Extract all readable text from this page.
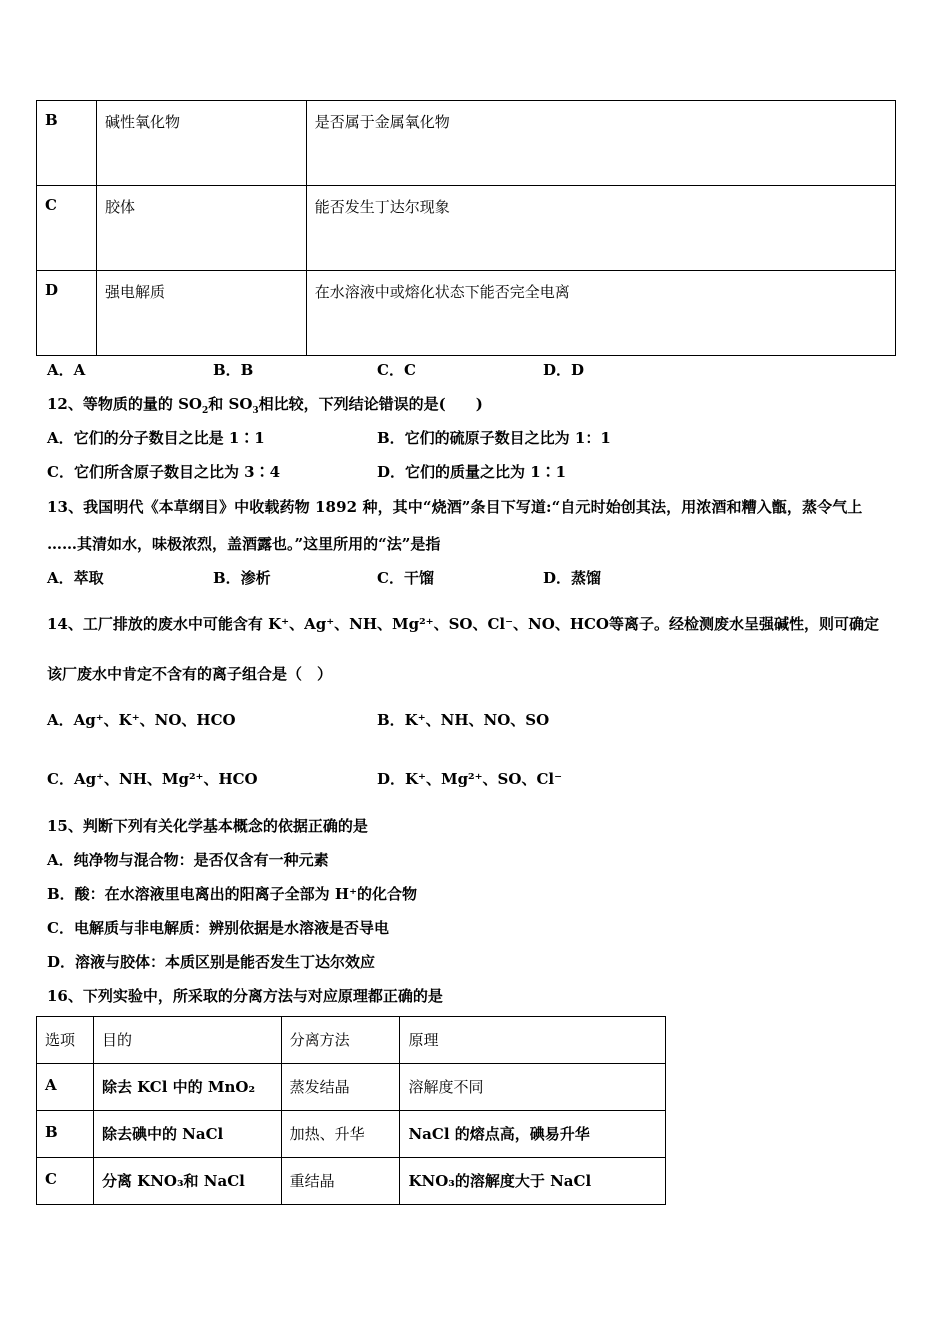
B	碱性氧化物	是否属于金属氧化物
C	胶体	能否发生丁达尔现象
D	强电解质	在水溶液中或熔化状态下能否完全电离
A．A	B．B	C．C	D．D
12、等物质的量的 $SO_2$和 $SO_3$相比较，下列结论错误的是(　　)
A．它们的分子数目之比是 1∶1	B．它们的硫原子数目之比为 1：1
C．它们所含原子数目之比为 3∶4	D．它们的质量之比为 1∶1
13、我国明代《本草纲目》中收载药物 1892 种，其中“烧酒”条目下写道:“自元时始创其法，用浓酒和糟入甑，蒸令气上
……其清如水，味极浓烈，盖酒露也。”这里所用的“法”是指
A．萃取	B．渗析	C．干馏	D．蒸馏
14、工厂排放的废水中可能含有 K⁺、Ag⁺、NH、Mg²⁺、SO、Cl⁻、NO、HCO等离子。经检测废水呈强碱性，则可确定
该厂废水中肯定不含有的离子组合是（　）
A．Ag⁺、K⁺、NO、HCO	B．K⁺、NH、NO、SO
C．Ag⁺、NH、Mg²⁺、HCO	D．K⁺、Mg²⁺、SO、Cl⁻
15、判断下列有关化学基本概念的依据正确的是
A．纯净物与混合物：是否仅含有一种元素
B．酸：在水溶液里电离出的阳离子全部为 H⁺的化合物
C．电解质与非电解质：辨别依据是水溶液是否导电
D．溶液与胶体：本质区别是能否发生丁达尔效应
16、下列实验中，所采取的分离方法与对应原理都正确的是
选项	目的	分离方法	原理
A	除去 KCl 中的 MnO₂	蒸发结晶	溶解度不同
B	除去碘中的 NaCl	加热、升华	NaCl 的熔点高，碘易升华
C	分离 KNO₃和 NaCl	重结晶	KNO₃的溶解度大于 NaCl
